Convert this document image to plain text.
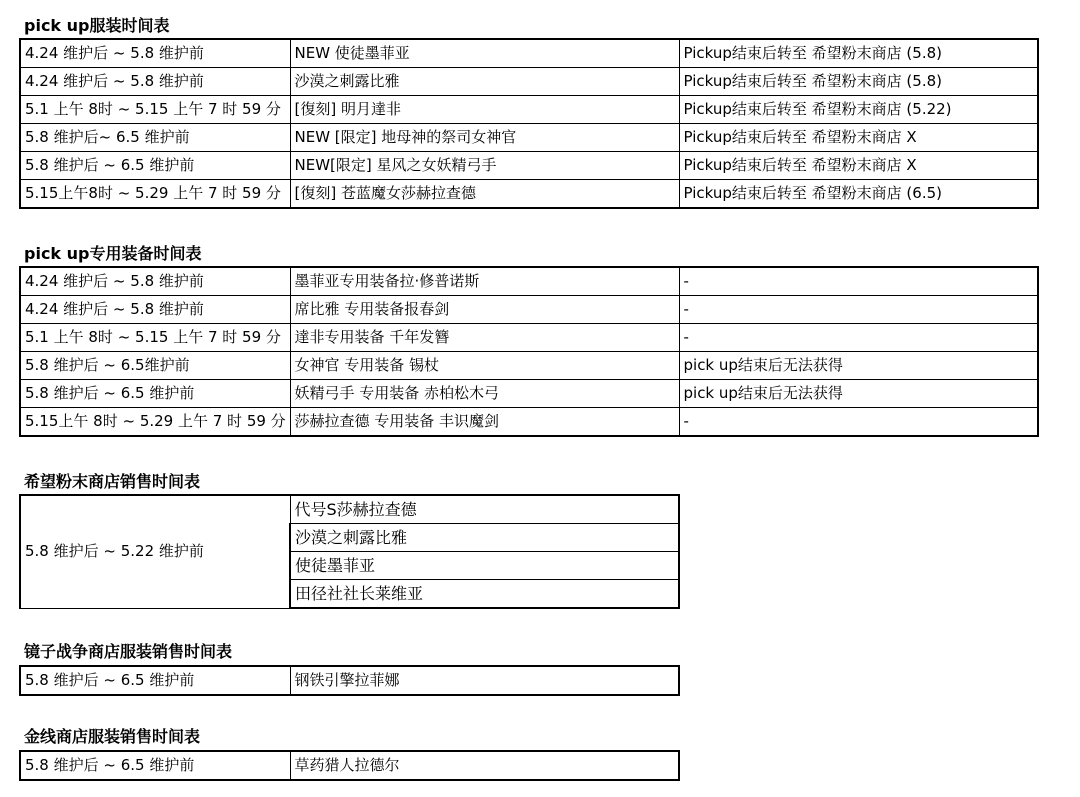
pick up服装时间表
4.24 维护后 ~ 5.8 维护前	NEW 使徒墨菲亚	Pickup结束后转至 希望粉末商店 (5.8)
4.24 维护后 ~ 5.8 维护前	沙漠之刺露比雅	Pickup结束后转至 希望粉末商店 (5.8)
5.1 上午 8时 ~ 5.15 上午 7 时 59 分	[復刻] 明月達非	Pickup结束后转至 希望粉末商店 (5.22)
5.8 维护后~ 6.5 维护前	NEW [限定] 地母神的祭司女神官	Pickup结束后转至 希望粉末商店 X
5.8 维护后 ~ 6.5 维护前	NEW[限定] 星风之女妖精弓手	Pickup结束后转至 希望粉末商店 X
5.15上午8时 ~ 5.29 上午 7 时 59 分	[復刻] 苍蓝魔女莎赫拉查德	Pickup结束后转至 希望粉末商店 (6.5)
pick up专用装备时间表
4.24 维护后 ~ 5.8 维护前	墨菲亚专用装备拉·修普诺斯	-
4.24 维护后 ~ 5.8 维护前	席比雅 专用装备报春剑	-
5.1 上午 8时 ~ 5.15 上午 7 时 59 分	達非专用装备 千年发簪	-
5.8 维护后 ~ 6.5维护前	女神官 专用装备 锡杖	pick up结束后无法获得
5.8 维护后 ~ 6.5 维护前	妖精弓手 专用装备 赤柏松木弓	pick up结束后无法获得
5.15上午 8时 ~ 5.29 上午 7 时 59 分	莎赫拉查德 专用装备 丰识魔剑	-
希望粉末商店销售时间表
5.8 维护后 ~ 5.22 维护前	代号S莎赫拉查德
沙漠之刺露比雅
使徒墨菲亚
田径社社长莱维亚
镜子战争商店服装销售时间表
5.8 维护后 ~ 6.5 维护前	钢铁引擎拉菲娜
金线商店服装销售时间表
5.8 维护后 ~ 6.5 维护前	草药猎人拉德尔
